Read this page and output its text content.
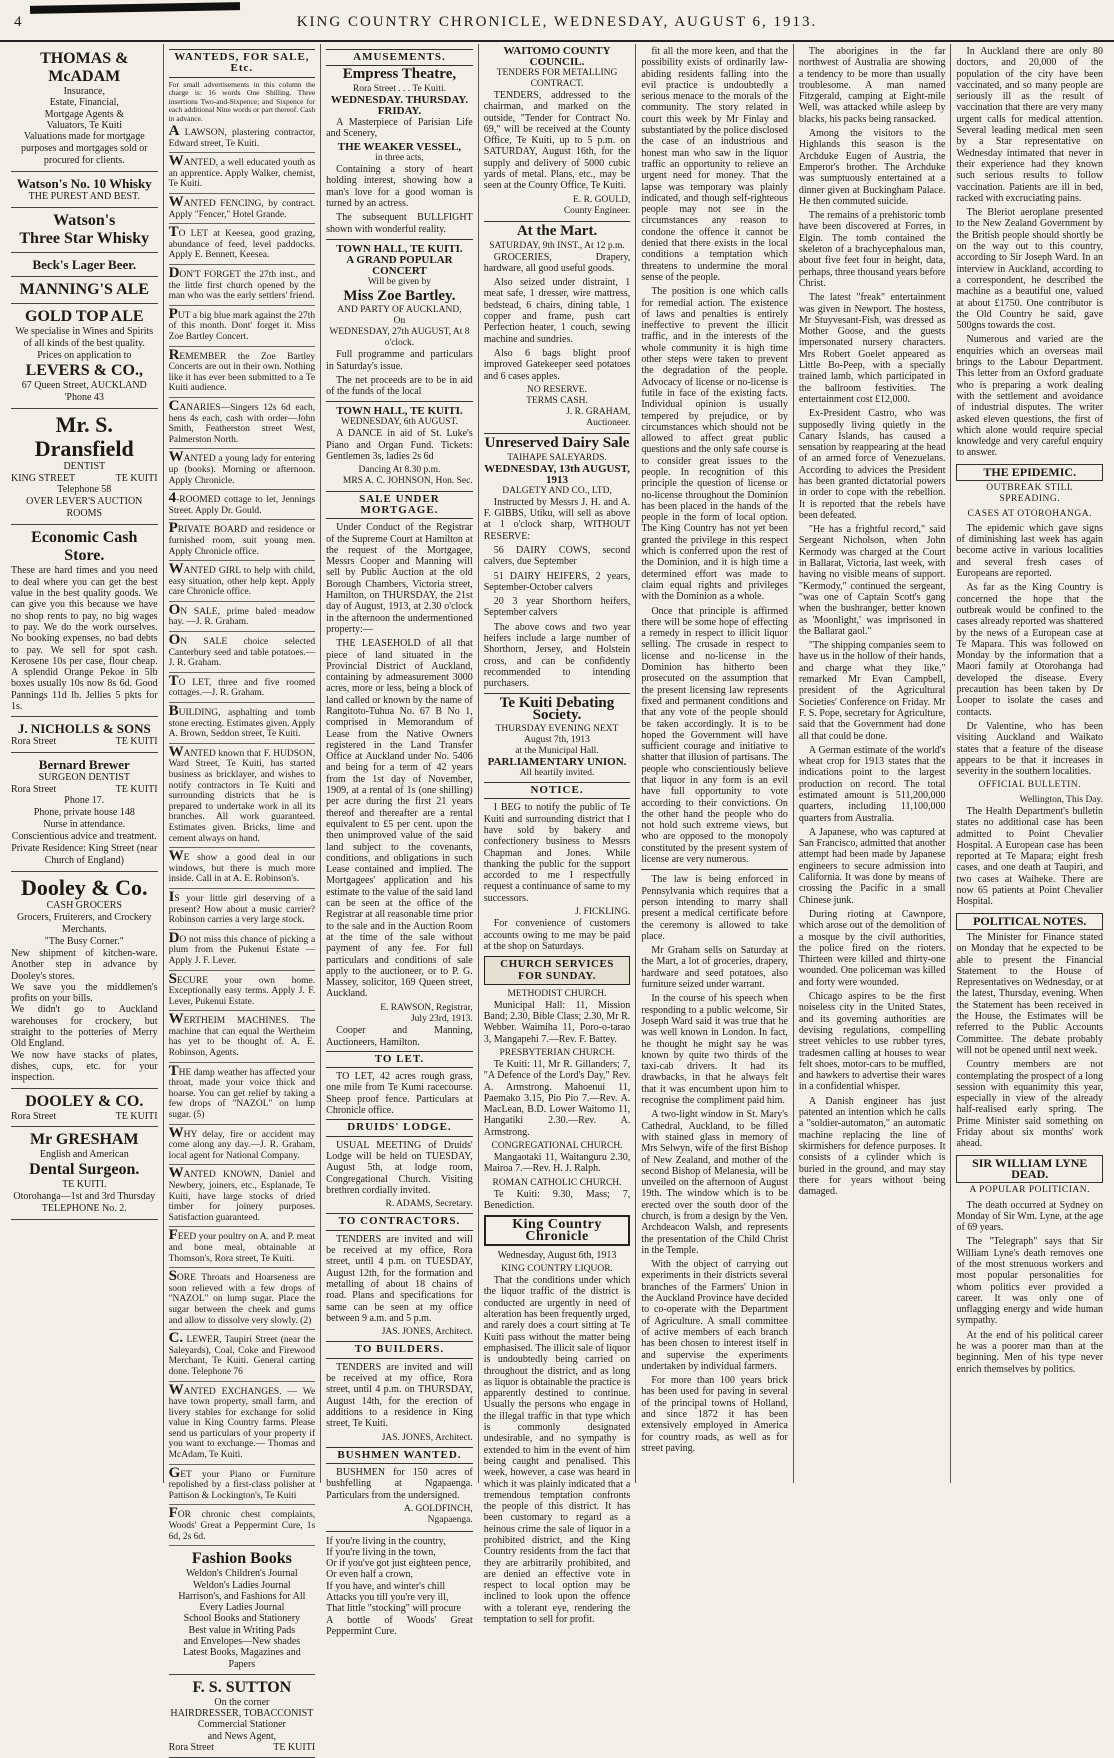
4	KING COUNTRY CHRONICLE, WEDNESDAY, AUGUST 6, 1913.
THOMAS & McADAM
Insurance,
Estate, Financial,
Mortgage Agents &
Valuators, Te Kuiti
Valuations made for mortgage purposes and mortgages sold or procured for clients.
Watson's No. 10 Whisky
THE PUREST AND BEST.
Watson's
Three Star Whisky
Beck's Lager Beer.
MANNING'S ALE
GOLD TOP ALE
We specialise in Wines and Spirits of all kinds of the best quality.
Prices on application to
LEVERS & CO.,
67 Queen Street, AUCKLAND
'Phone 43
Mr. S. Dransfield
DENTIST
KING STREET	TE KUITI
Telephone 58
OVER LEVER'S AUCTION ROOMS
Economic Cash Store.
These are hard times and you need to deal where you can get the best value in the best quality goods. We can give you this because we have no shop rents to pay, no big wages to pay. We do the work ourselves. No booking expenses, no bad debts to pay. We sell for spot cash. Kerosene 10s per case, flour cheap. A splendid Orange Pekoe in 5lb boxes usually 10s now 8s 6d. Good Pannings 11d lb. Jellies 5 pkts for 1s.
J. NICHOLLS & SONS
Rora Street	TE KUITI
Bernard Brewer
SURGEON DENTIST
Rora Street	TE KUITI
Phone 17.
Phone, private house 148
Nurse in attendance.
Conscientious advice and treatment.
Private Residence: King Street (near Church of England)
Dooley & Co.
CASH GROCERS
Grocers, Fruiterers, and Crockery Merchants.
"The Busy Corner."
New shipment of kitchen-ware. Another step in advance by Dooley's stores.
We save you the middlemen's profits on your bills.
We didn't go to Auckland warehouses for crockery, but straight to the potteries of Merry Old England.
We now have stacks of plates, dishes, cups, etc. for your inspection.
DOOLEY & CO.
Rora Street	TE KUITI
Mr GRESHAM
English and American
Dental Surgeon.
TE KUITI.
Otorohanga—1st and 3rd Thursday
TELEPHONE No. 2.
WANTEDS, FOR SALE, Etc.
For small advertisements in this column the charge is: 16 words One Shilling. Three insertions Two-and-Sixpence; and Sixpence for each additional Nine words or part thereof. Cash in advance.
A LAWSON, plastering contractor, Edward street, Te Kuiti.
WANTED, a well educated youth as an apprentice. Apply Walker, chemist, Te Kuiti.
WANTED FENCING, by contract. Apply "Fencer," Hotel Grande.
TO LET at Keesea, good grazing, abundance of feed, level paddocks. Apply E. Bennett, Keesea.
DON'T FORGET the 27th inst., and the little first church opened by the man who was the early settlers' friend.
PUT a big blue mark against the 27th of this month. Dont' forget it. Miss Zoe Bartley Concert.
REMEMBER the Zoe Bartley Concerts are out in their own. Nothing like it has ever been submitted to a Te Kuiti audience.
CANARIES—Singers 12s 6d each, hens 4s each, cash with order—John Smith, Featherston street West, Palmerston North.
WANTED a young lady for entering up (books). Morning or afternoon. Apply Chronicle.
4-ROOMED cottage to let, Jennings Street. Apply Dr. Gould.
PRIVATE BOARD and residence or furnished room, suit young men. Apply Chronicle office.
WANTED GIRL to help with child, easy situation, other help kept. Apply care Chronicle office.
ON SALE, prime baled meadow hay. —J. R. Graham.
ON SALE choice selected Canterbury seed and table potatoes.—J. R. Graham.
TO LET, three and five roomed cottages.—J. R. Graham.
BUILDING, asphalting and tomb stone erecting. Estimates given. Apply A. Brown, Seddon street, Te Kuiti.
WANTED known that F. HUDSON, Ward Street, Te Kuiti, has started business as bricklayer, and wishes to notify contractors in Te Kuiti and surrounding districts that he is prepared to undertake work in all its branches. All work guaranteed. Estimates given. Bricks, lime and cement always on hand.
WE show a good deal in our windows, but there is much more inside. Call in at A. E. Robinson's.
IS your little girl deserving of a present? How about a music carrier? Robinson carries a very large stock.
DO not miss this chance of picking a plum from the Pukenui Estate —Apply J. F. Lever.
SECURE your own home. Exceptionally easy terms. Apply J. F. Lever, Pukenui Estate.
WERTHEIM MACHINES. The machine that can equal the Wertheim has yet to be thought of. A. E. Robinson, Agents.
THE damp weather has affected your throat, made your voice thick and hoarse. You can get relief by taking a few drops of "NAZOL" on lump sugar. (5)
WHY delay, fire or accident may come along any day.—J. R. Graham, local agent for National Company.
WANTED KNOWN, Daniel and Newbery, joiners, etc., Esplanade, Te Kuiti, have large stocks of dried timber for joinery purposes. Satisfaction guaranteed.
FEED your poultry on A. and P. meat and bone meal, obtainable at Thomson's, Rora street, Te Kuiti.
SORE Throats and Hoarseness are soon relieved with a few drops of "NAZOL" on lump sugar. Place the sugar between the cheek and gums and allow to dissolve very slowly. (2)
C. LEWER, Taupiri Street (near the Saleyards), Coal, Coke and Firewood Merchant, Te Kuiti. General carting done. Telephone 76
WANTED EXCHANGES. — We have town property, small farm, and livery stables for exchange for solid value in King Country farms. Please send us particulars of your property if you want to exchange.— Thomas and McAdam, Te Kuiti.
GET your Piano or Furniture repolished by a first-class polisher at Pattison & Lockington's, Te Kuiti
FOR chronic chest complaints, Woods' Great a Peppermint Cure, 1s 6d, 2s 6d.
Fashion Books
Weldon's Children's Journal
Weldon's Ladies Journal
Harrison's, and Fashions for All
Every Ladies Journal
School Books and Stationery
Best value in Writing Pads
and Envelopes—New shades
Latest Books, Magazines and Papers
F. S. SUTTON
On the corner
HAIRDRESSER, TOBACCONIST
Commercial Stationer
and News Agent,
Rora Street	TE KUITI
AMUSEMENTS.
Empress Theatre,
Rora Street . . . Te Kuiti.
WEDNESDAY. THURSDAY. FRIDAY.
A Masterpiece of Parisian Life and Scenery,
THE WEAKER VESSEL,
in three acts,
Containing a story of heart holding interest, showing how a man's love for a good woman is turned by an actress.
The subsequent BULLFIGHT shown with wonderful reality.
TOWN HALL, TE KUITI.
A GRAND POPULAR CONCERT
Will be given by
Miss Zoe Bartley.
AND PARTY OF AUCKLAND,
On
WEDNESDAY, 27th AUGUST, At 8 o'clock.
Full programme and particulars in Saturday's issue.
The net proceeds are to be in aid of the funds of the local
TOWN HALL, TE KUITI.
WEDNESDAY, 6th AUGUST.
A DANCE in aid of St. Luke's Piano and Organ Fund. Tickets: Gentlemen 3s, ladies 2s 6d
Dancing At 8.30 p.m.
MRS A. C. JOHNSON, Hon. Sec.
SALE UNDER MORTGAGE.
Under Conduct of the Registrar of the Supreme Court at Hamilton at the request of the Mortgagee, Messrs Cooper and Manning will sell by Public Auction at the old Borough Chambers, Victoria street, Hamilton, on THURSDAY, the 21st day of August, 1913, at 2.30 o'clock in the afternoon the undermentioned property:—
THE LEASEHOLD of all that piece of land situated in the Provincial District of Auckland, containing by admeasurement 3000 acres, more or less, being a block of land called or known by the name of Rangitoto-Tuhua No. 67 B No 1, comprised in Memorandum of Lease from the Native Owners registered in the Land Transfer Office at Auckland under No. 5406 and being for a term of 42 years from the 1st day of November, 1909, at a rental of 1s (one shilling) per acre during the first 21 years thereof and thereafter are a rental equivalent to £5 per cent. upon the then unimproved value of the said land subject to the covenants, conditions, and obligations in such Lease contained and implied. The Mortgagees' application and his estimate to the value of the said land can be seen at the office of the Registrar at all reasonable time prior to the sale and in the Auction Room at the time of the sale without payment of any fee. For full particulars and conditions of sale apply to the auctioneer, or to P. G. Massey, solicitor, 169 Queen street, Auckland.
E. RAWSON, Registrar,
July 23rd, 1913.
Cooper and Manning, Auctioneers, Hamilton.
TO LET.
TO LET, 42 acres rough grass, one mile from Te Kumi racecourse. Sheep proof fence. Particulars at Chronicle office.
DRUIDS' LODGE.
USUAL MEETING of Druids' Lodge will be held on TUESDAY, August 5th, at lodge room, Congregational Church. Visiting brethren cordially invited.
R. ADAMS, Secretary.
TO CONTRACTORS.
TENDERS are invited and will be received at my office, Rora street, until 4 p.m. on TUESDAY, August 12th, for the formation and metalling of about 18 chains of road. Plans and specifications for same can be seen at my office between 9 a.m. and 5 p.m.
JAS. JONES, Architect.
TO BUILDERS.
TENDERS are invited and will be received at my office, Rora street, until 4 p.m. on THURSDAY, August 14th, for the erection of additions to a residence in King street, Te Kuiti.
JAS. JONES, Architect.
BUSHMEN WANTED.
BUSHMEN for 150 acres of bushfelling at Ngapaenga. Particulars from the undersigned.
A. GOLDFINCH,
Ngapaenga.
If you're living in the country,
If you're living in the town,
Or if you've got just eighteen pence,
Or even half a crown,
If you have, and winter's chill
Attacks you till you're very ill,
That little "stocking" will procure
A bottle of Woods' Great Peppermint Cure.
WAITOMO COUNTY COUNCIL.
TENDERS FOR METALLING CONTRACT.
TENDERS, addressed to the chairman, and marked on the outside, "Tender for Contract No. 69," will be received at the County Office, Te Kuiti, up to 5 p.m. on SATURDAY, August 16th, for the supply and delivery of 5000 cubic yards of metal. Plans, etc., may be seen at the County Office, Te Kuiti.
E. R. GOULD,
County Engineer.
At the Mart.
SATURDAY, 9th INST., At 12 p.m.
GROCERIES, Drapery, hardware, all good useful goods.
Also seized under distraint, 1 meat safe, 1 dresser, wire mattress, bedstead, 6 chairs, dining table, 1 copper and frame, push cart Perfection heater, 1 couch, sewing machine and sundries.
Also 6 bags blight proof improved Gatekeeper seed potatoes and 6 cases apples.
NO RESERVE.
TERMS CASH.
J. R. GRAHAM,
Auctioneer.
Unreserved Dairy Sale
TAIHAPE SALEYARDS.
WEDNESDAY, 13th AUGUST, 1913
DALGETY AND CO., LTD,
Instructed by Messrs J. H. and A. F. GIBBS, Utiku, will sell as above at 1 o'clock sharp, WITHOUT RESERVE:
56 DAIRY COWS, second calvers, due September
51 DAIRY HEIFERS, 2 years, September-October calvers
20 3 year Shorthorn heifers, September calvers
The above cows and two year heifers include a large number of Shorthorn, Jersey, and Holstein cross, and can be confidently recommended to intending purchasers.
Te Kuiti Debating Society.
THURSDAY EVENING NEXT
August 7th, 1913
at the Municipal Hall.
PARLIAMENTARY UNION.
All heartily invited.
NOTICE.
I BEG to notify the public of Te Kuiti and surrounding district that I have sold by bakery and confectionery business to Messrs Chapman and Jones. While thanking the public for the support accorded to me I respectfully request a continuance of same to my successors.
J. FICKLING.
For convenience of customers accounts owing to me may be paid at the shop on Saturdays.
CHURCH SERVICES FOR SUNDAY.
METHODIST CHURCH.
Municipal Hall: 11, Mission Band; 2.30, Bible Class; 2.30, Mr R. Webber. Waimiha 11, Poro-o-tarao 3, Mangapehi 7.—Rev. F. Battey.
PRESBYTERIAN CHURCH.
Te Kuiti: 11, Mr R. Gillanders; 7, "A Defence of the Lord's Day," Rev. A. Armstrong. Mahoenui 11, Paemako 3.15, Pio Pio 7.—Rev. A. MacLean, B.D. Lower Waitomo 11, Hangatiki 2.30.—Rev. A. Armstrong.
CONGREGATIONAL CHURCH.
Mangaotaki 11, Waitanguru 2.30, Mairoa 7.—Rev. H. J. Ralph.
ROMAN CATHOLIC CHURCH.
Te Kuiti: 9.30, Mass; 7, Benediction.
King Country Chronicle
Wednesday, August 6th, 1913
KING COUNTRY LIQUOR.
That the conditions under which the liquor traffic of the district is conducted are urgently in need of alteration has been frequently urged, and rarely does a court sitting at Te Kuiti pass without the matter being emphasised. The illicit sale of liquor is undoubtedly being carried on throughout the district, and as long as liquor is obtainable the practice is apparently destined to continue. Usually the persons who engage in the illegal traffic in that type which is commonly designated undesirable, and no sympathy is extended to him in the event of him being caught and penalised. This week, however, a case was heard in which it was plainly indicated that a tremendous temptation confronts the people of this district. It has been customary to regard as a heinous crime the sale of liquor in a prohibited district, and the King Country residents from the fact that they are arbitrarily prohibited, and are denied an effective vote in respect to local option may be inclined to look upon the offence with a tolerant eye, rendering the temptation to sell for profit.
fit all the more keen, and that the possibility exists of ordinarily law-abiding residents falling into the evil practice is undoubtedly a serious menace to the morals of the community. The story related in court this week by Mr Finlay and substantiated by the police disclosed the case of an industrious and honest man who saw in the liquor traffic an opportunity to relieve an urgent need for money. That the lapse was temporary was plainly indicated, and though self-righteous people may not see in the circumstances any reason to condone the offence it cannot be denied that there exists in the local conditions a temptation which threatens to undermine the moral sense of the people.
The position is one which calls for remedial action. The existence of laws and penalties is entirely ineffective to prevent the illicit traffic, and in the interests of the whole community it is high time other steps were taken to prevent the degradation of the people. Advocacy of license or no-license is futile in face of the existing facts. Individual opinion is usually tempered by prejudice, or by circumstances which should not be allowed to affect great public questions and the only safe course is to consider great issues to the people. In recognition of this principle the question of license or no-license throughout the Dominion has been placed in the hands of the people in the form of local option. The King Country has not yet been granted the privilege in this respect which is conferred upon the rest of the Dominion, and it is high time a determined effort was made to claim equal rights and privileges with the Dominion as a whole.
Once that principle is affirmed there will be some hope of effecting a remedy in respect to illicit liquor selling. The crusade in respect to license and no-license in the Dominion has hitherto been prosecuted on the assumption that the present licensing law represents fixed and permanent conditions and that any vote of the people should be taken accordingly. It is to be hoped the Government will have sufficient courage and initiative to shatter that illusion of partisans. The people who conscientiously believe that liquor in any form is an evil have full opportunity to vote according to their convictions. On the other hand the people who do not hold such extreme views, but who are opposed to the monopoly constituted by the present system of license are very numerous.
The law is being enforced in Pennsylvania which requires that a person intending to marry shall present a medical certificate before the ceremony is allowed to take place.
Mr Graham sells on Saturday at the Mart, a lot of groceries, drapery, hardware and seed potatoes, also furniture seized under warrant.
In the course of his speech when responding to a public welcome, Sir Joseph Ward said it was true that he was well known in London. In fact, he thought he might say he was known by quite two thirds of the taxi-cab drivers. It had its drawbacks, in that he always felt that it was encumbent upon him to recognise the compliment paid him.
A two-light window in St. Mary's Cathedral, Auckland, to be filled with stained glass in memory of Mrs Selwyn, wife of the first Bishop of New Zealand, and mother of the second Bishop of Melanesia, will be unveiled on the afternoon of August 19th. The window which is to be erected over the south door of the church, is from a design by the Ven. Archdeacon Walsh, and represents the presentation of the Child Christ in the Temple.
With the object of carrying out experiments in their districts several branches of the Farmers' Union in the Auckland Province have decided to co-operate with the Department of Agriculture. A small committee of active members of each branch has been chosen to interest itself in and supervise the experiments undertaken by individual farmers.
For more than 100 years brick has been used for paving in several of the principal towns of Holland, and since 1872 it has been extensively employed in America for country roads, as well as for street paving.
The aborigines in the far northwest of Australia are showing a tendency to be more than usually troublesome. A man named Fitzgerald, camping at Eight-mile Well, was attacked while asleep by blacks, his packs being ransacked.
Among the visitors to the Highlands this season is the Archduke Eugen of Austria, the Emperor's brother. The Archduke was sumptuously entertained at a dinner given at Buckingham Palace. He then commuted suicide.
The remains of a prehistoric tomb have been discovered at Forres, in Elgin. The tomb contained the skeleton of a brachycephalous man, about five feet four in height, data, perhaps, three thousand years before Christ.
The latest "freak" entertainment was given in Newport. The hostess, Mr Stuyvesant-Fish, was dressed as Mother Goose, and the guests impersonated nursery characters. Mrs Robert Goelet appeared as Little Bo-Peep, with a specially trained lamb, which participated in the ballroom festivities. The entertainment cost £12,000.
Ex-President Castro, who was supposedly living quietly in the Canary Islands, has caused a sensation by reappearing at the head of an armed force of Venezuelans. According to advices the President has been granted dictatorial powers in order to cope with the rebellion. It is reported that the rebels have been defeated.
"He has a frightful record," said Sergeant Nicholson, when John Kermody was charged at the Court in Ballarat, Victoria, last week, with having no visible means of support. "Kermody," continued the sergeant, "was one of Captain Scott's gang when the bushranger, better known as 'Moonlight,' was imprisoned in the Ballarat gaol."
"The shipping companies seem to have us in the hollow of their hands, and charge what they like," remarked Mr Evan Campbell, president of the Agricultural Societies' Conference on Friday. Mr F. S. Pope, secretary for Agriculture, said that the Government had done all that could be done.
A German estimate of the world's wheat crop for 1913 states that the indications point to the largest production on record. The total estimated amount is 511,200,000 quarters, including 11,100,000 quarters from Australia.
A Japanese, who was captured at San Francisco, admitted that another attempt had been made by Japanese engineers to secure admission into California. It was done by means of crossing the Pacific in a small Chinese junk.
During rioting at Cawnpore, which arose out of the demolition of a mosque by the civil authorities, the police fired on the rioters. Thirteen were killed and thirty-one wounded. One policeman was killed and forty were wounded.
Chicago aspires to be the first noiseless city in the United States, and its governing authorities are devising regulations, compelling street vehicles to use rubber tyres, tradesmen calling at houses to wear felt shoes, motor-cars to be muffled, and hawkers to advertise their wares in a confidential whisper.
A Danish engineer has just patented an intention which he calls a "soldier-automaton," an automatic machine replacing the line of skirmishers for defence purposes. It consists of a cylinder which is buried in the ground, and may stay there for years without being damaged.
In Auckland there are only 80 doctors, and 20,000 of the population of the city have been vaccinated, and so many people are seriously ill as the result of vaccination that there are very many urgent calls for medical attention. Several leading medical men seen by a Star representative on Wednesday intimated that never in their experience had they known such serious results to follow vaccination. Patients are ill in bed, racked with excruciating pains.
The Bleriot aeroplane presented to the New Zealand Government by the British people should shortly be on the way out to this country, according to Sir Joseph Ward. In an interview in Auckland, according to a correspondent, he described the machine as a beautiful one, valued at about £1750. One contributor is the Old Country he said, gave 500gns towards the cost.
Numerous and varied are the enquiries which an overseas mail brings to the Labour Department. This letter from an Oxford graduate who is preparing a work dealing with the settlement and avoidance of industrial disputes. The writer asked eleven questions, the first of which alone would require special knowledge and very careful enquiry to answer.
THE EPIDEMIC.
OUTBREAK STILL SPREADING.
CASES AT OTOROHANGA.
The epidemic which gave signs of diminishing last week has again become active in various localities and several fresh cases of Europeans are reported.
As far as the King Country is concerned the hope that the outbreak would be confined to the cases already reported was shattered by the news of a European case at Te Mapara. This was followed on Monday by the information that a Maori family at Otorohanga had developed the disease. Every precaution has been taken by Dr Looper to isolate the cases and contacts.
Dr Valentine, who has been visiting Auckland and Waikato states that a feature of the disease appears to be that it increases in severity in the southern localities.
OFFICIAL BULLETIN.
Wellington, This Day.
The Health Department's bulletin states no additional case has been admitted to Point Chevalier Hospital. A European case has been reported at Te Mapara; eight fresh cases, and one death at Taupiri, and two cases at Waiheke. There are now 65 patients at Point Chevalier Hospital.
POLITICAL NOTES.
The Minister for Finance stated on Monday that he expected to be able to present the Financial Statement to the House of Representatives on Wednesday, or at the latest, Thursday, evening. When the Statement has been received in the House, the Estimates will be referred to the Public Accounts Committee. The debate probably will not be opened until next week.
Country members are not contemplating the prospect of a long session with equanimity this year, especially in view of the already half-realised early spring. The Prime Minister said something on Friday about six months' work ahead.
SIR WILLIAM LYNE DEAD.
A POPULAR POLITICIAN.
The death occurred at Sydney on Monday of Sir Wm. Lyne, at the age of 69 years.
The "Telegraph" says that Sir William Lyne's death removes one of the most strenuous workers and most popular personalities for whom politics ever provided a career. It was only one of unflagging energy and wide human sympathy.
At the end of his political career he was a poorer man than at the beginning. Men of his type never enrich themselves by politics.
